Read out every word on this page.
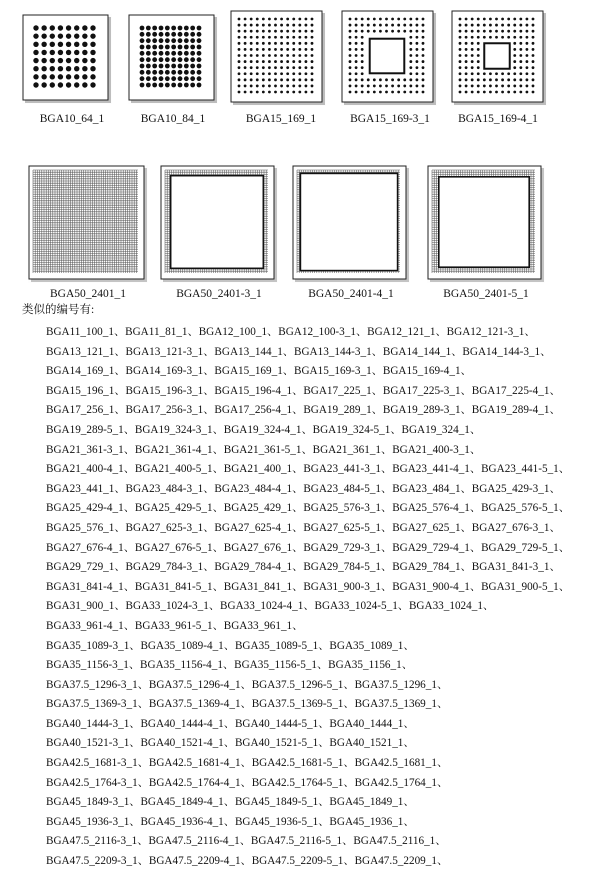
BGA10_64_1	BGA10_84_1	BGA15_169_1	BGA15_169-3_1	BGA15_169-4_1
BGA50_2401_1	BGA50_2401-3_1	BGA50_2401-4_1	BGA50_2401-5_1
类似的编号有:
BGA11_100_1、BGA11_81_1、BGA12_100_1、BGA12_100-3_1、BGA12_121_1、BGA12_121-3_1、
BGA13_121_1、BGA13_121-3_1、BGA13_144_1、BGA13_144-3_1、BGA14_144_1、BGA14_144-3_1、
BGA14_169_1、BGA14_169-3_1、BGA15_169_1、BGA15_169-3_1、BGA15_169-4_1、
BGA15_196_1、BGA15_196-3_1、BGA15_196-4_1、BGA17_225_1、BGA17_225-3_1、BGA17_225-4_1、
BGA17_256_1、BGA17_256-3_1、BGA17_256-4_1、BGA19_289_1、BGA19_289-3_1、BGA19_289-4_1、
BGA19_289-5_1、BGA19_324-3_1、BGA19_324-4_1、BGA19_324-5_1、BGA19_324_1、
BGA21_361-3_1、BGA21_361-4_1、BGA21_361-5_1、BGA21_361_1、BGA21_400-3_1、
BGA21_400-4_1、BGA21_400-5_1、BGA21_400_1、BGA23_441-3_1、BGA23_441-4_1、BGA23_441-5_1、
BGA23_441_1、BGA23_484-3_1、BGA23_484-4_1、BGA23_484-5_1、BGA23_484_1、BGA25_429-3_1、
BGA25_429-4_1、BGA25_429-5_1、BGA25_429_1、BGA25_576-3_1、BGA25_576-4_1、BGA25_576-5_1、
BGA25_576_1、BGA27_625-3_1、BGA27_625-4_1、BGA27_625-5_1、BGA27_625_1、BGA27_676-3_1、
BGA27_676-4_1、BGA27_676-5_1、BGA27_676_1、BGA29_729-3_1、BGA29_729-4_1、BGA29_729-5_1、
BGA29_729_1、BGA29_784-3_1、BGA29_784-4_1、BGA29_784-5_1、BGA29_784_1、BGA31_841-3_1、
BGA31_841-4_1、BGA31_841-5_1、BGA31_841_1、BGA31_900-3_1、BGA31_900-4_1、BGA31_900-5_1、
BGA31_900_1、BGA33_1024-3_1、BGA33_1024-4_1、BGA33_1024-5_1、BGA33_1024_1、
BGA33_961-4_1、BGA33_961-5_1、BGA33_961_1、
BGA35_1089-3_1、BGA35_1089-4_1、BGA35_1089-5_1、BGA35_1089_1、
BGA35_1156-3_1、BGA35_1156-4_1、BGA35_1156-5_1、BGA35_1156_1、
BGA37.5_1296-3_1、BGA37.5_1296-4_1、BGA37.5_1296-5_1、BGA37.5_1296_1、
BGA37.5_1369-3_1、BGA37.5_1369-4_1、BGA37.5_1369-5_1、BGA37.5_1369_1、
BGA40_1444-3_1、BGA40_1444-4_1、BGA40_1444-5_1、BGA40_1444_1、
BGA40_1521-3_1、BGA40_1521-4_1、BGA40_1521-5_1、BGA40_1521_1、
BGA42.5_1681-3_1、BGA42.5_1681-4_1、BGA42.5_1681-5_1、BGA42.5_1681_1、
BGA42.5_1764-3_1、BGA42.5_1764-4_1、BGA42.5_1764-5_1、BGA42.5_1764_1、
BGA45_1849-3_1、BGA45_1849-4_1、BGA45_1849-5_1、BGA45_1849_1、
BGA45_1936-3_1、BGA45_1936-4_1、BGA45_1936-5_1、BGA45_1936_1、
BGA47.5_2116-3_1、BGA47.5_2116-4_1、BGA47.5_2116-5_1、BGA47.5_2116_1、
BGA47.5_2209-3_1、BGA47.5_2209-4_1、BGA47.5_2209-5_1、BGA47.5_2209_1、
